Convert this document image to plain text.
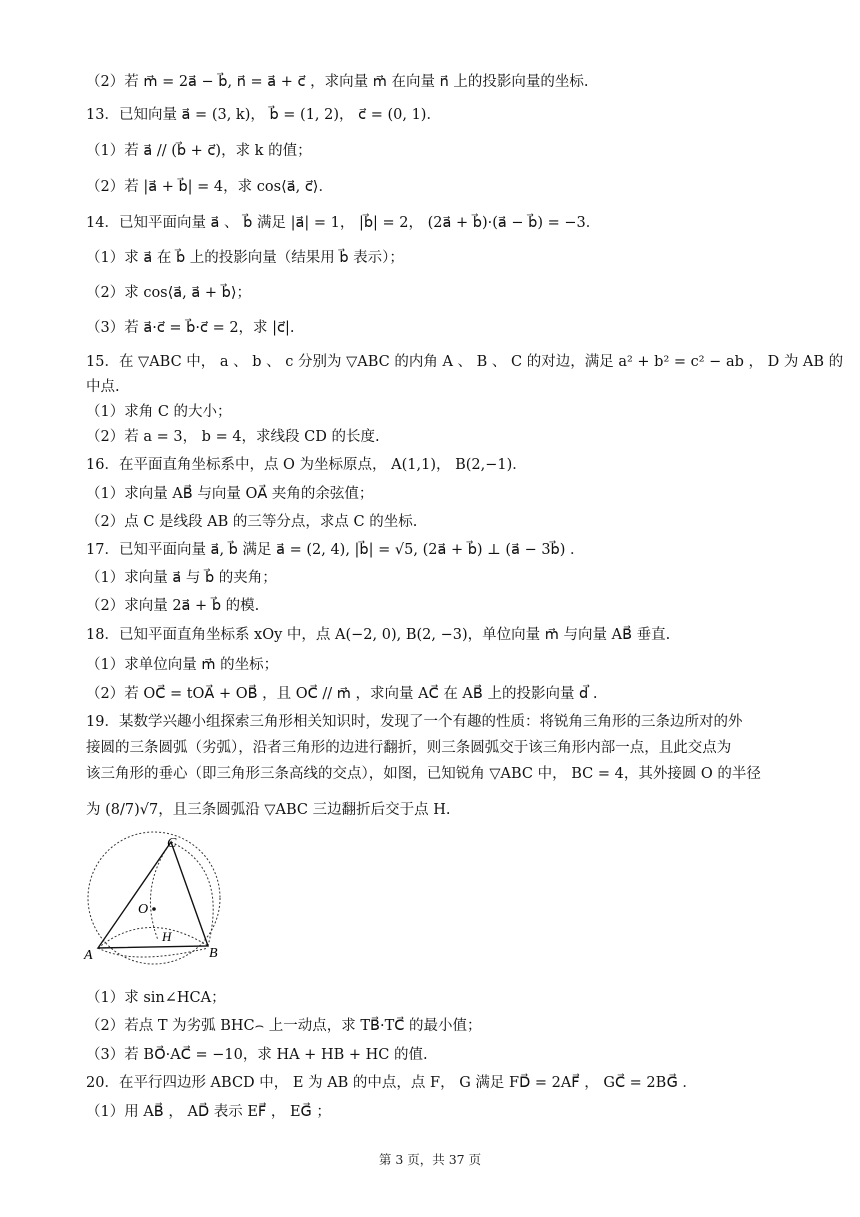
（2）若 m⃗ = 2a⃗ − b⃗, n⃗ = a⃗ + c⃗ ，求向量 m⃗ 在向量 n⃗ 上的投影向量的坐标.
13．已知向量 a⃗ = (3, k)， b⃗ = (1, 2)， c⃗ = (0, 1)．
（1）若 a⃗ // (b⃗ + c⃗)，求 k 的值；
（2）若 |a⃗ + b⃗| = 4，求 cos⟨a⃗, c⃗⟩．
14．已知平面向量 a⃗ 、 b⃗ 满足 |a⃗| = 1， |b⃗| = 2， (2a⃗ + b⃗)·(a⃗ − b⃗) = −3．
（1）求 a⃗ 在 b⃗ 上的投影向量（结果用 b⃗ 表示）；
（2）求 cos⟨a⃗, a⃗ + b⃗⟩；
（3）若 a⃗·c⃗ = b⃗·c⃗ = 2，求 |c⃗|.
15．在 ▽ABC 中， a 、 b 、 c 分别为 ▽ABC 的内角 A 、 B 、 C 的对边，满足 a² + b² = c² − ab ， D 为 AB 的
中点.
（1）求角 C 的大小；
（2）若 a = 3， b = 4，求线段 CD 的长度.
16．在平面直角坐标系中，点 O 为坐标原点， A(1,1)， B(2,−1)．
（1）求向量 AB⃗ 与向量 OA⃗ 夹角的余弦值；
（2）点 C 是线段 AB 的三等分点，求点 C 的坐标.
17．已知平面向量 a⃗, b⃗ 满足 a⃗ = (2, 4), |b⃗| = √5, (2a⃗ + b⃗) ⊥ (a⃗ − 3b⃗) ．
（1）求向量 a⃗ 与 b⃗ 的夹角；
（2）求向量 2a⃗ + b⃗ 的模.
18．已知平面直角坐标系 xOy 中，点 A(−2, 0), B(2, −3)，单位向量 m⃗ 与向量 AB⃗ 垂直.
（1）求单位向量 m⃗ 的坐标；
（2）若 OC⃗ = tOA⃗ + OB⃗ ，且 OC⃗ // m⃗ ，求向量 AC⃗ 在 AB⃗ 上的投影向量 d⃗ .
19．某数学兴趣小组探索三角形相关知识时，发现了一个有趣的性质：将锐角三角形的三条边所对的外
接圆的三条圆弧（劣弧），沿者三角形的边进行翻折，则三条圆弧交于该三角形内部一点，且此交点为
该三角形的垂心（即三角形三条高线的交点），如图，已知锐角 ▽ABC 中， BC = 4，其外接圆 O 的半径
为 (8/7)√7，且三条圆弧沿 ▽ABC 三边翻折后交于点 H.
C
O
H
A	B
（1）求 sin∠HCA；
（2）若点 T 为劣弧 BHC⌢ 上一动点，求 TB⃗·TC⃗ 的最小值；
（3）若 BO⃗·AC⃗ = −10，求 HA + HB + HC 的值.
20．在平行四边形 ABCD 中， E 为 AB 的中点，点 F， G 满足 FD⃗ = 2AF⃗ ， GC⃗ = 2BG⃗ ．
（1）用 AB⃗ ， AD⃗ 表示 EF⃗ ， EG⃗ ；
第 3 页，共 37 页
